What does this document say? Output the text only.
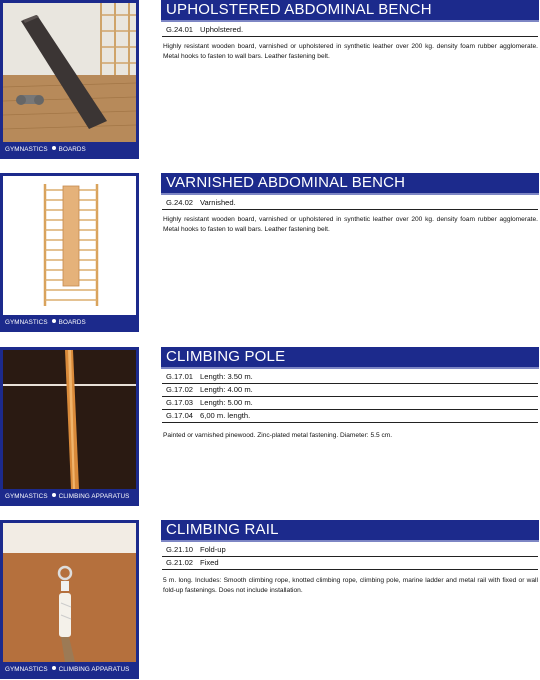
GYMNASTICS BOARDS
UPHOLSTERED ABDOMINAL BENCH
G.24.01 Upholstered.
Highly resistant wooden board, varnished or upholstered in synthetic leather over 200 kg. density foam rubber agglomerate. Metal hooks to fasten to wall bars. Leather fastening belt.
GYMNASTICS BOARDS
VARNISHED ABDOMINAL BENCH
G.24.02 Varnished.
Highly resistant wooden board, varnished or upholstered in synthetic leather over 200 kg. density foam rubber agglomerate. Metal hooks to fasten to wall bars. Leather fastening belt.
GYMNASTICS CLIMBING APPARATUS
CLIMBING POLE
G.17.01 Length: 3.50 m.
G.17.02 Length: 4.00 m.
G.17.03 Length: 5.00 m.
G.17.04 6,00 m. length.
Painted or varnished pinewood. Zinc-plated metal fastening. Diameter: 5.5 cm.
GYMNASTICS CLIMBING APPARATUS
CLIMBING RAIL
G.21.10 Fold-up
G.21.02 Fixed
5 m. long. Includes: Smooth climbing rope, knotted climbing rope, climbing pole, marine ladder and metal rail with fixed or wall fold-up fastenings. Does not include installation.
